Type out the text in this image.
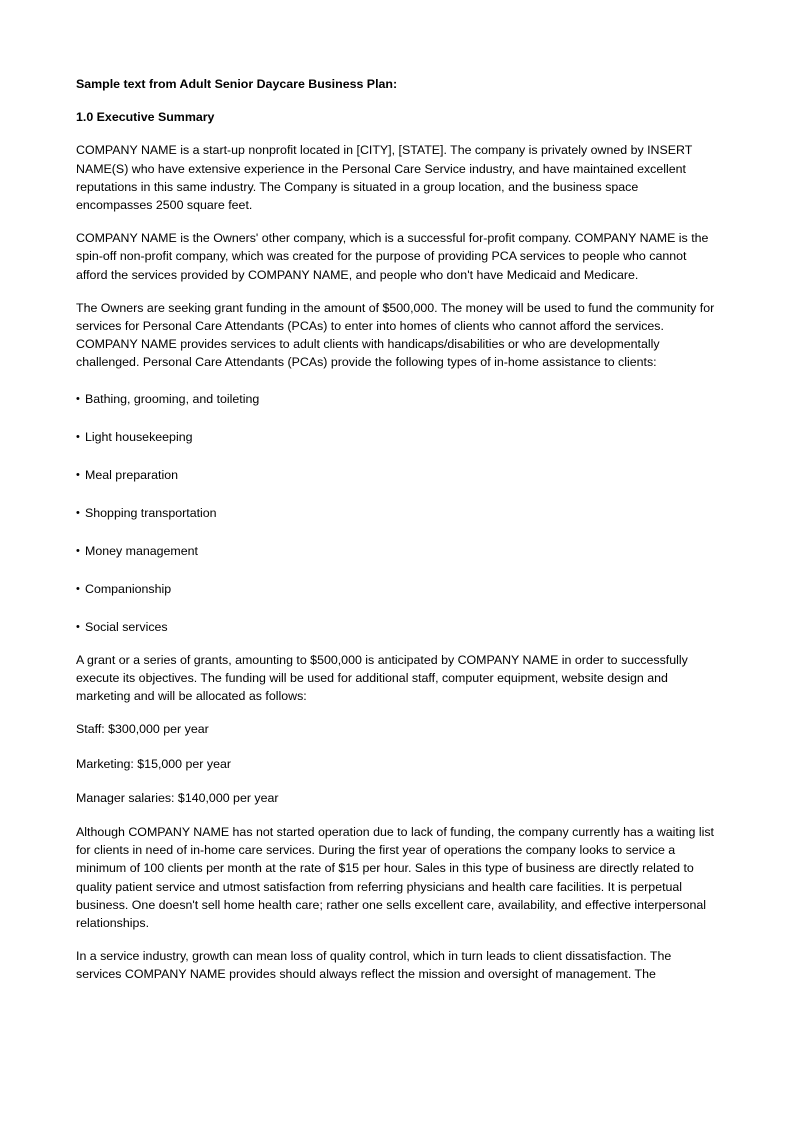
Sample text from Adult Senior Daycare Business Plan:

1.0 Executive Summary

COMPANY NAME is a start-up nonprofit located in [CITY], [STATE]. The company is privately owned by INSERT NAME(S) who have extensive experience in the Personal Care Service industry, and have maintained excellent reputations in this same industry. The Company is situated in a group location, and the business space encompasses 2500 square feet.

COMPANY NAME is the Owners' other company, which is a successful for-profit company. COMPANY NAME is the spin-off non-profit company, which was created for the purpose of providing PCA services to people who cannot afford the services provided by COMPANY NAME, and people who don't have Medicaid and Medicare.

The Owners are seeking grant funding in the amount of $500,000. The money will be used to fund the community for services for Personal Care Attendants (PCAs) to enter into homes of clients who cannot afford the services. COMPANY NAME provides services to adult clients with handicaps/disabilities or who are developmentally challenged. Personal Care Attendants (PCAs) provide the following types of in-home assistance to clients:

• Bathing, grooming, and toileting
• Light housekeeping
• Meal preparation
• Shopping transportation
• Money management
• Companionship
• Social services

A grant or a series of grants, amounting to $500,000 is anticipated by COMPANY NAME in order to successfully execute its objectives. The funding will be used for additional staff, computer equipment, website design and marketing and will be allocated as follows:

Staff: $300,000 per year

Marketing: $15,000 per year

Manager salaries: $140,000 per year

Although COMPANY NAME has not started operation due to lack of funding, the company currently has a waiting list for clients in need of in-home care services. During the first year of operations the company looks to service a minimum of 100 clients per month at the rate of $15 per hour. Sales in this type of business are directly related to quality patient service and utmost satisfaction from referring physicians and health care facilities. It is perpetual business. One doesn't sell home health care; rather one sells excellent care, availability, and effective interpersonal relationships.

In a service industry, growth can mean loss of quality control, which in turn leads to client dissatisfaction. The services COMPANY NAME provides should always reflect the mission and oversight of management. The
